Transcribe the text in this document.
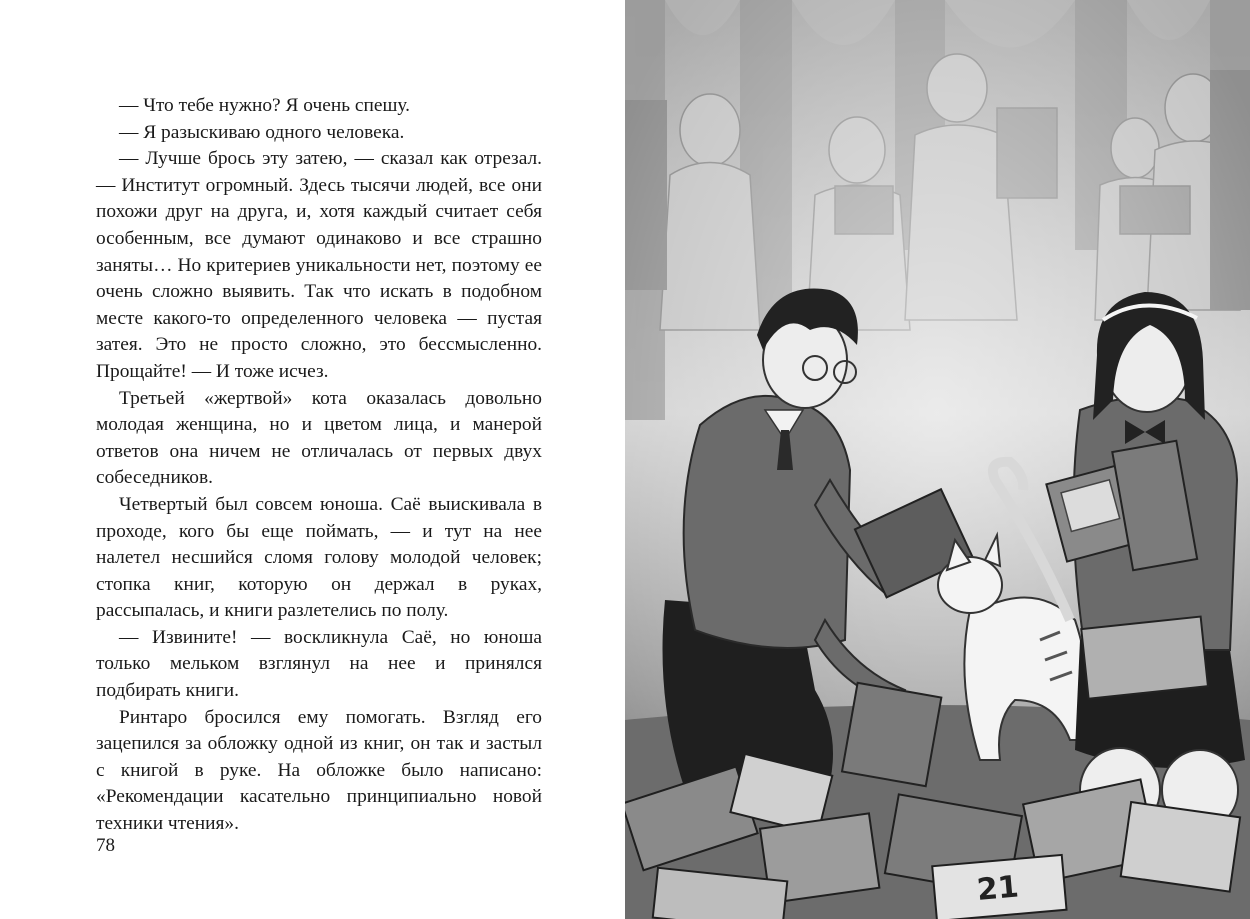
— Что тебе нужно? Я очень спешу.

— Я разыскиваю одного человека.

— Лучше брось эту затею, — сказал как отрезал. — Институт огромный. Здесь тысячи людей, все они похожи друг на друга, и, хотя каждый считает себя особенным, все думают одинаково и все страшно заняты… Но критериев уникальности нет, поэтому ее очень сложно выявить. Так что искать в подобном месте какого-то определенного человека — пустая затея. Это не просто сложно, это бессмысленно. Прощайте! — И тоже исчез.

Третьей «жертвой» кота оказалась довольно молодая женщина, но и цветом лица, и манерой ответов она ничем не отличалась от первых двух собеседников.

Четвертый был совсем юноша. Саё выискивала в проходе, кого бы еще поймать, — и тут на нее налетел несшийся сломя голову молодой человек; стопка книг, которую он держал в руках, рассыпалась, и книги разлетелись по полу.

— Извините! — воскликнула Саё, но юноша только мельком взглянул на нее и принялся подбирать книги.

Ринтаро бросился ему помогать. Взгляд его зацепился за обложку одной из книг, он так и застыл с книгой в руке. На обложке было написано: «Рекомендации касательно принципиально новой техники чтения».

78
21
